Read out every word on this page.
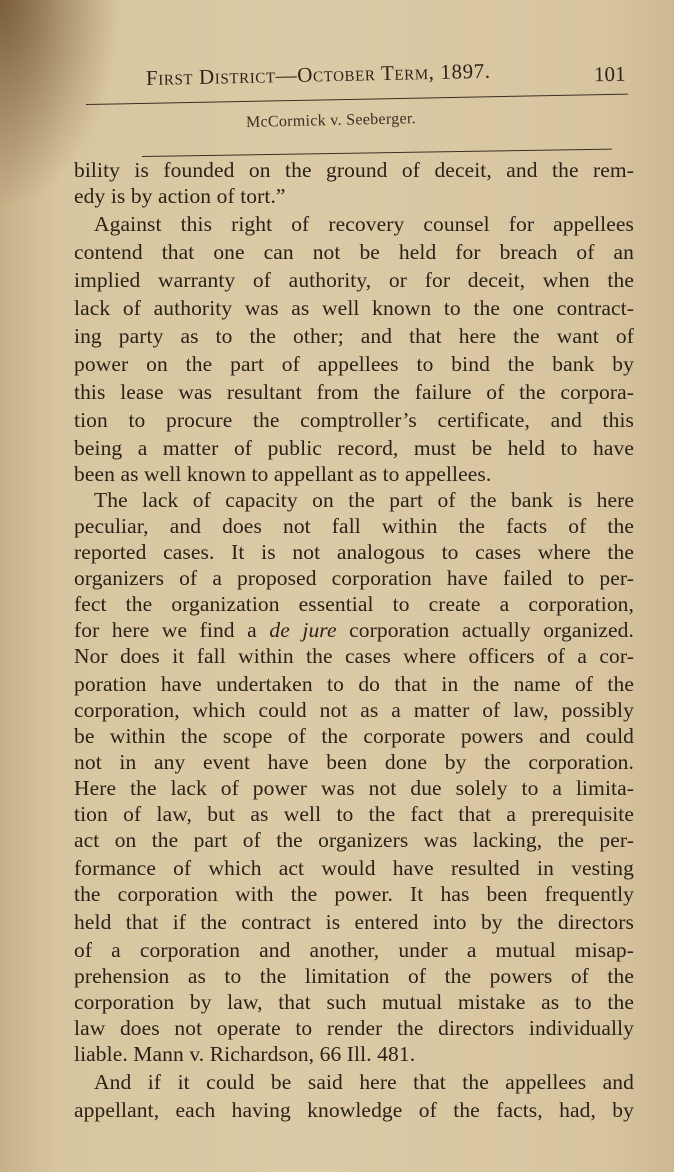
First District—October Term, 1897.	101
McCormick v. Seeberger.
bility is founded on the ground of deceit, and the rem-
edy is by action of tort.”
Against this right of recovery counsel for appellees
contend that one can not be held for breach of an
implied warranty of authority, or for deceit, when the
lack of authority was as well known to the one contract-
ing party as to the other; and that here the want of
power on the part of appellees to bind the bank by
this lease was resultant from the failure of the corpora-
tion to procure the comptroller’s certificate, and this
being a matter of public record, must be held to have
been as well known to appellant as to appellees.
The lack of capacity on the part of the bank is here
peculiar, and does not fall within the facts of the
reported cases. It is not analogous to cases where the
organizers of a proposed corporation have failed to per-
fect the organization essential to create a corporation,
for here we find a de jure corporation actually organized.
Nor does it fall within the cases where officers of a cor-
poration have undertaken to do that in the name of the
corporation, which could not as a matter of law, possibly
be within the scope of the corporate powers and could
not in any event have been done by the corporation.
Here the lack of power was not due solely to a limita-
tion of law, but as well to the fact that a prerequisite
act on the part of the organizers was lacking, the per-
formance of which act would have resulted in vesting
the corporation with the power. It has been frequently
held that if the contract is entered into by the directors
of a corporation and another, under a mutual misap-
prehension as to the limitation of the powers of the
corporation by law, that such mutual mistake as to the
law does not operate to render the directors individually
liable. Mann v. Richardson, 66 Ill. 481.
And if it could be said here that the appellees and
appellant, each having knowledge of the facts, had, by
